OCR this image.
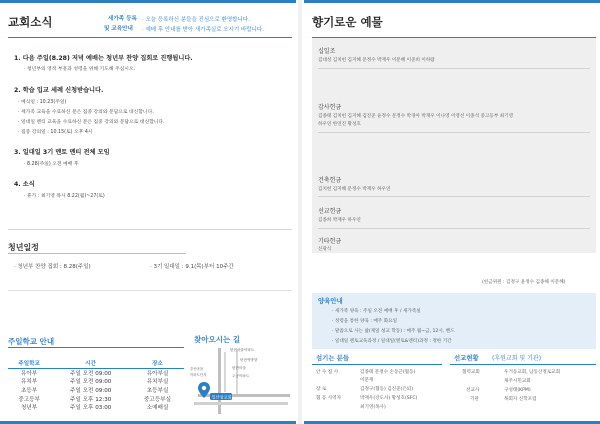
교회소식	새가족 등록
및 교육안내
· 오늘 등록하신 분들을 진심으로 환영합니다.
· 예배 후 안내를 받아 새가족실로 오시기 바랍니다.
1. 다음 주일(8.28) 저녁 예배는 청년부 찬양 집회로 진행됩니다.
· 청년부의 영적 부흥과 성령을 위해 기도해 주십시오.
2. 학습 입교 세례 신청받습니다.
· 예식일 : 10.23(주일)
· 세가족 교육을 수료하신 분은 집중 강의와 문답으로 대신합니다.
· 일대일 멘티 교육을 수료하신 분은 집중 강의와 문답으로 대신합니다.
· 집중 강의일 : 10.15(토) 오후 4시
3. 일대일 3기 멘토 멘티 전체 모임
· 8.28(주일) 오전 예배 후
4. 소식
· 휴가 : 최기영 목사 8.22(월)~27(토)
청년일정
· 청년부 찬양 집회 : 8.28(주일)	· 3기 일대일 : 9.1(목)부터 10주간
주일학교 안내
주일학교	시간	장소
유아부	주일 오전 09:00	유아부실
유치부	주일 오전 09:00	유치부실
초등부	주일 오전 09:00	초등부실
중고등부	주일 오후 12:30	중고등부실
청년부	주일 오후 03:00	소예배실
찾아오시는 길
탄현마을아파트
탄현역방향
탄현마을
주공아파트
중산마을
아파트단지
일산삼교회
향기로운 예물
십일조
김대성 김치헌 김지혜 문정수 박재우 이문혜 이준희 이하람
감사헌금
김종태 김치헌 김지혜 김진준 윤정수 문정수 박경아 박재우 이나영 이영선 이종석 중고등부 최기영
하우연 한연진 황성호
건축헌금
김치헌 김지혜 문정수 박재우 하우연
선교헌금
김종희 박재우 하우연
기타헌금
신광식
(헌금위원 : 김정구 윤정수 김종해 이문혜)
양육안내
· 새가족 양육 : 주일 오전 예배 후 / 새가족실
· 성령을 통한 양육 : 매주 화요일
· 말씀으로 사는 삶(제일 성교 학동) : 매주 월~금, 12시, 밴드
· 일대일 멘토교육과정 / 일대일(멘토&멘티)과정 : 정한 기간
섬기는 분들
안 수 집 사	김종태 문정수 손동근(협동)
이문재
장 로	김정구(협동) 김진준(은퇴)
협 동 사역자	박재우(강도사) 황성호(SFC)
최기영(목사)
선교현황 (후원교회 및 기관)
협력교회	우거동교회, 남동산정로교회
제주시민교회
선교사	구성태(KPM)
기관	목회자 신학포럼
